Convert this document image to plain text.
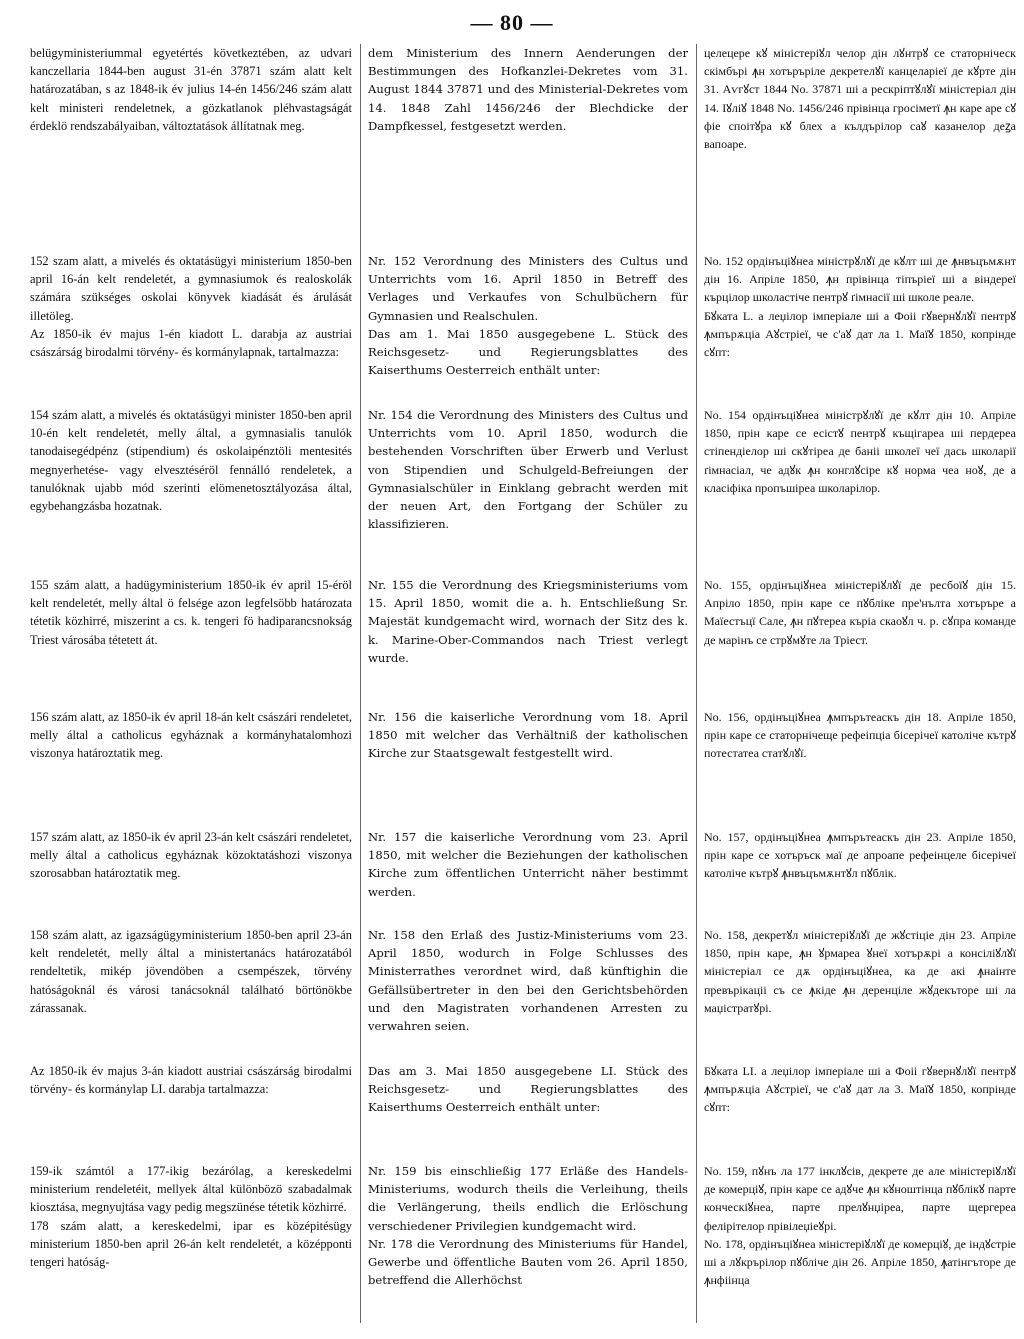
— 80 —
belügyministeriummal egyetértés következtében, az udvari kanczellaria 1844-ben august 31-én 37871 szám alatt kelt határozatában, s az 1848-ik év julius 14-én 1456/246 szám alatt kelt ministeri rendeletnek, a gözkatlanok pléhvastagságát érdeklö rendszabályaiban, változtatások állítatnak meg.
152 szam alatt, a mivelés és oktatásügyi ministerium 1850-ben april 16-án kelt rendeletét, a gymnasiumok és realoskolák számára szükséges oskolai könyvek kiadását és árulását illetöleg.
Az 1850-ik év majus 1-én kiadott L. darabja az austriai császárság birodalmi törvény- és kormánylapnak, tartalmazza:
154 szám alatt, a mivelés és oktatásügyi minister 1850-ben april 10-én kelt rendeletét, melly által, a gymnasialis tanulók tanodaisegédpénz (stipendium) és oskolaipénztöli mentesités megnyerhetése- vagy elvesztéséröl fennálló rendeletek, a tanulóknak ujabb mód szerinti elömenetosztályozása által, egybehangzásba hozatnak.
155 szám alatt, a hadügyministerium 1850-ik év april 15-éröl kelt rendeletét, melly által ö felsége azon legfelsöbb határozata tétetik közhirré, miszerint a cs. k. tengeri fö hadiparancsnokság Triest városába tétetett át.
156 szám alatt, az 1850-ik év april 18-án kelt császári rendeletet, melly által a catholicus egyháznak a kormányhatalomhozi viszonya határoztatik meg.
157 szám alatt, az 1850-ik év april 23-án kelt császári rendeletet, melly által a catholicus egyháznak közoktatáshozi viszonya szorosabban határoztatik meg.
158 szám alatt, az igazságügyministerium 1850-ben april 23-án kelt rendeletét, melly által a ministertanács határozatából rendeltetik, mikép jövendöben a csempészek, törvény hatóságoknál és városi tanácsoknál található börtönökbe zárassanak.
Az 1850-ik év majus 3-án kiadott austriai császárság birodalmi törvény- és kormánylap LI. darabja tartalmazza:
159-ik számtól a 177-ikig bezárólag, a kereskedelmi ministerium rendeletéit, mellyek által különbözö szabadalmak kiosztása, megnyujtása vagy pedig megszünése tétetik közhirré.
178 szám alatt, a kereskedelmi, ipar es középitésügy ministerium 1850-ben april 26-án kelt rendeletét, a középponti tengeri hatóság-
dem Ministerium des Innern Aenderungen der Bestimmungen des Hofkanzlei-Dekretes vom 31. August 1844 37871 und des Ministerial-Dekretes vom 14. 1848 Zahl 1456/246 der Blechdicke der Dampfkessel, festgesetzt werden.
Nr. 152 Verordnung des Ministers des Cultus und Unterrichts vom 16. April 1850 in Betreff des Verlages und Verkaufes von Schulbüchern für Gymnasien und Realschulen.
Das am 1. Mai 1850 ausgegebene L. Stück des Reichsgesetz- und Regierungsblattes des Kaiserthums Oesterreich enthält unter:
Nr. 154 die Verordnung des Ministers des Cultus und Unterrichts vom 10. April 1850, wodurch die bestehenden Vorschriften über Erwerb und Verlust von Stipendien und Schulgeld-Befreiungen der Gymnasialschüler in Einklang gebracht werden mit der neuen Art, den Fortgang der Schüler zu klassifizieren.
Nr. 155 die Verordnung des Kriegsministeriums vom 15. April 1850, womit die a. h. Entschließung Sr. Majestät kundgemacht wird, wornach der Sitz des k. k. Marine-Ober-Commandos nach Triest verlegt wurde.
Nr. 156 die kaiserliche Verordnung vom 18. April 1850 mit welcher das Verhältniß der katholischen Kirche zur Staatsgewalt festgestellt wird.
Nr. 157 die kaiserliche Verordnung vom 23. April 1850, mit welcher die Beziehungen der katholischen Kirche zum öffentlichen Unterricht näher bestimmt werden.
Nr. 158 den Erlaß des Justiz-Ministeriums vom 23. April 1850, wodurch in Folge Schlusses des Ministerrathes verordnet wird, daß künftighin die Gefällsübertreter in den bei den Gerichtsbehörden und den Magistraten vorhandenen Arresten zu verwahren seien.
Das am 3. Mai 1850 ausgegebene LI. Stück des Reichsgesetz- und Regierungsblattes des Kaiserthums Oesterreich enthält unter:
Nr. 159 bis einschließig 177 Erläße des Handels-Ministeriums, wodurch theils die Verleihung, theils die Verlängerung, theils endlich die Erlöschung verschiedener Privilegien kundgemacht wird.
Nr. 178 die Verordnung des Ministeriums für Handel, Gewerbe und öffentliche Bauten vom 26. April 1850, betreffend die Allerhöchst
целецере кꙋ міністеріꙋл челор дін лꙋнтрꙋ се статорніческ скімбърі ꙟн хотъръріле декретелꙋї канцеларіеї де кꙋрте дін 31. Аѵгꙋст 1844 No. 37871 ші а рескріптꙋлꙋї міністеріал дін 14. Іꙋліꙋ 1848 No. 1456/246 прівінца гросіметї ꙟн каре аре сꙋ фіе споітꙋра кꙋ блех а кълдърілор саꙋ казанелор деꙁа вапоаре.
No. 152 ордінъціꙋнеа міністрꙋлꙋї де кꙋлт ші де ꙟнвъцъмѫнт дін 16. Апріле 1850, ꙟн прівінца тіпъріеї ші а віндереї кърцілор школастіче пентрꙋ ґімнасії ші школе реале.
Бꙋката L. а леџілор імперіале ші а Фоіі гꙋвернꙋлꙋї пентрꙋ ꙟмпърѫціа Аꙋстріеї, че с'аꙋ дат ла 1. Маїꙋ 1850, копрінде сꙋпт:
No. 154 ордінъціꙋнеа міністрꙋлꙋї де кꙋлт дін 10. Апріле 1850, прін каре се есістꙋ пентрꙋ къщігареа ші пердереа стіпендіелор ші скꙋтіреа де баніі школеї чеї дась школарії ґімнасіал, че адꙋк ꙟн конглꙋсіре кꙋ норма чеа ноꙋ, де а класіфіка пропъшіреа школарілор.
No. 155, ордінъціꙋнеа міністеріꙋлꙋї де ресбоїꙋ дін 15. Апріло 1850, прін каре се пꙋбліке пре'нълта хотъръре а Маїестъцї Сале, ꙟн пꙋтереа къріа скаоꙋл ч. р. сꙋпра команде де марінъ се стрꙋмꙋте ла Тріест.
No. 156, ордінъціꙋнеа ꙟмпърътеаскъ дін 18. Апріле 1850, прін каре се статорнічеще рефеіпціа бісерічеї католіче кътрꙋ потестатеа статꙋлꙋї.
No. 157, ордінъціꙋнеа ꙟмпърътеаскъ дін 23. Апріле 1850, прін каре се хотъръск маї де апроапе рефеінцеле бісерічеї католіче кътрꙋ ꙟнвъцъмѫнтꙋл пꙋблік.
No. 158, декретꙋл міністеріꙋлꙋї де жꙋстіціе дін 23. Апріле 1850, прін каре, ꙟн ꙋрмареа ꙋнеї хотърѫрі а консіліꙋлꙋї міністеріал се дѫ ордінъціꙋнеа, ка де акі ꙟнаінте превърікаціі съ се ꙟкіде ꙟн деренціле жꙋдекъторе ші ла маџістратꙋрі.
Бꙋката LI. а леџілор імперіале ші а Фоіі гꙋвернꙋлꙋї пентрꙋ ꙟмпърѫціа Аꙋстріеї, че с'аꙋ дат ла 3. Маїꙋ 1850, копрінде сꙋпт:
No. 159, пꙋнъ ла 177 інклꙋсів, декрете де але міністеріꙋлꙋї де комерціꙋ, прін каре се адꙋче ꙟн кꙋноштінца пꙋблікꙋ парте конческіꙋнеа, парте прелꙋнџіреа, парте щергереа фелірітелор прівілеџіеꙋрі.
No. 178, ордінъціꙋнеа міністеріꙋлꙋї де комерціꙋ, де індꙋстріе ші а лꙋкрърілор пꙋбліче дін 26. Апріле 1850, ꙟатінгъторе де ꙟнфіінца
